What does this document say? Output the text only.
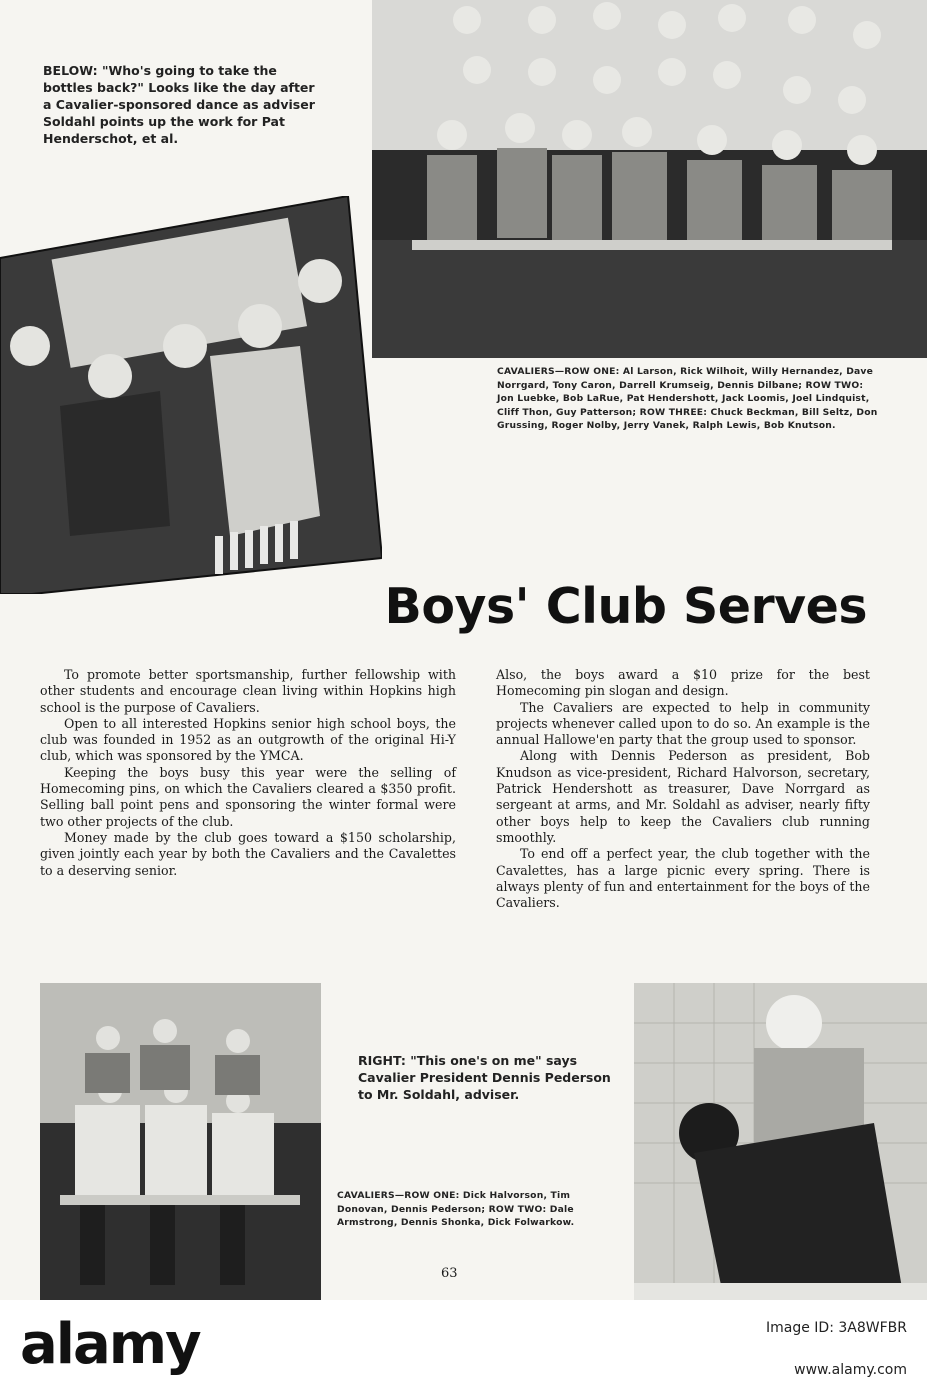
BELOW: "Who's going to take the bottles back?" Looks like the day after a Cavalier-sponsored dance as adviser Soldahl points up the work for Pat Henderschot, et al.

CAVALIERS—ROW ONE: Al Larson, Rick Wilhoit, Willy Hernandez, Dave Norrgard, Tony Caron, Darrell Krumseig, Dennis Dilbane; ROW TWO: Jon Luebke, Bob LaRue, Pat Hendershott, Jack Loomis, Joel Lindquist, Cliff Thon, Guy Patterson; ROW THREE: Chuck Beckman, Bill Seltz, Don Grussing, Roger Nolby, Jerry Vanek, Ralph Lewis, Bob Knutson.

Boys' Club Serves

To promote better sportsmanship, further fellowship with other students and encourage clean living within Hopkins high school is the purpose of Cavaliers.

Open to all interested Hopkins senior high school boys, the club was founded in 1952 as an outgrowth of the original Hi-Y club, which was sponsored by the YMCA.

Keeping the boys busy this year were the selling of Homecoming pins, on which the Cavaliers cleared a $350 profit. Selling ball point pens and sponsoring the winter formal were two other projects of the club.

Money made by the club goes toward a $150 scholarship, given jointly each year by both the Cavaliers and the Cavalettes to a deserving senior.

Also, the boys award a $10 prize for the best Homecoming pin slogan and design.

The Cavaliers are expected to help in community projects whenever called upon to do so. An example is the annual Hallowe'en party that the group used to sponsor.

Along with Dennis Pederson as president, Bob Knudson as vice-president, Richard Halvorson, secretary, Patrick Hendershott as treasurer, Dave Norrgard as sergeant at arms, and Mr. Soldahl as adviser, nearly fifty other boys help to keep the Cavaliers club running smoothly.

To end off a perfect year, the club together with the Cavalettes, has a large picnic every spring. There is always plenty of fun and entertainment for the boys of the Cavaliers.

RIGHT: "This one's on me" says Cavalier President Dennis Pederson to Mr. Soldahl, adviser.

CAVALIERS—ROW ONE: Dick Halvorson, Tim Donovan, Dennis Pederson; ROW TWO: Dale Armstrong, Dennis Shonka, Dick Folwarkow.

63

alamy	Image ID: 3A8WFBR

www.alamy.com
